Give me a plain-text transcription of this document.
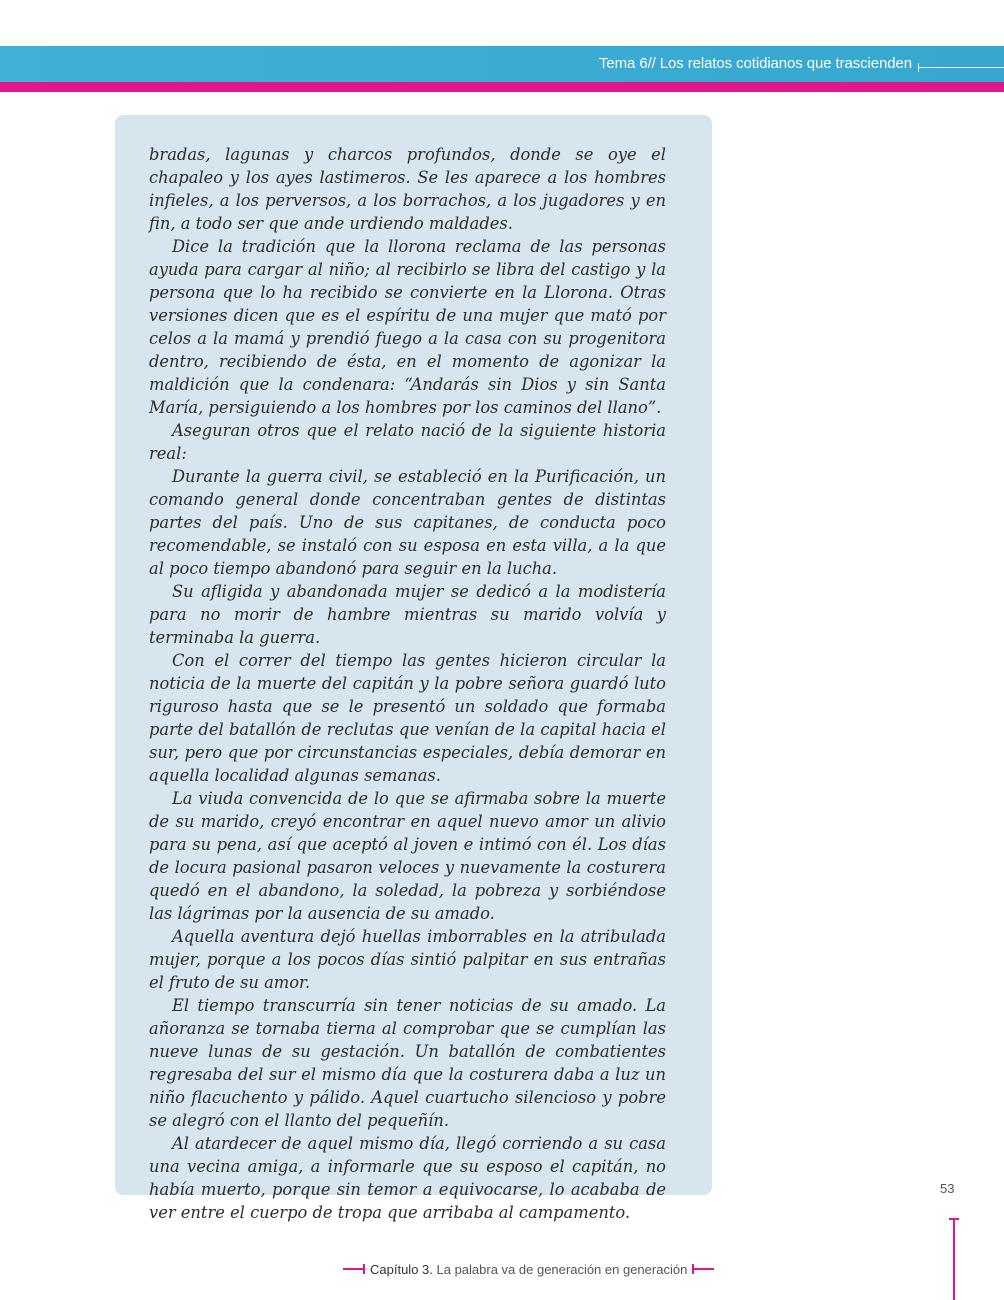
Tema 6// Los relatos cotidianos que trascienden

bradas, lagunas y charcos profundos, donde se oye el chapaleo y los ayes lastimeros. Se les aparece a los hombres infieles, a los perversos, a los borrachos, a los jugadores y en fin, a todo ser que ande urdiendo maldades.

Dice la tradición que la llorona reclama de las personas ayuda para cargar al niño; al recibirlo se libra del castigo y la persona que lo ha recibido se convierte en la Llorona. Otras versiones dicen que es el espíritu de una mujer que mató por celos a la mamá y prendió fuego a la casa con su progenitora dentro, recibiendo de ésta, en el momento de agonizar la maldición que la condenara: “Andarás sin Dios y sin Santa María, persiguiendo a los hombres por los caminos del llano”.

Aseguran otros que el relato nació de la siguiente historia real:

Durante la guerra civil, se estableció en la Purificación, un comando general donde concentraban gentes de distintas partes del país. Uno de sus capitanes, de conducta poco recomendable, se instaló con su esposa en esta villa, a la que al poco tiempo abandonó para seguir en la lucha.

Su afligida y abandonada mujer se dedicó a la modistería para no morir de hambre mientras su marido volvía y terminaba la guerra.

Con el correr del tiempo las gentes hicieron circular la noticia de la muerte del capitán y la pobre señora guardó luto riguroso hasta que se le presentó un soldado que formaba parte del batallón de reclutas que venían de la capital hacia el sur, pero que por circunstancias especiales, debía demorar en aquella localidad algunas semanas.

La viuda convencida de lo que se afirmaba sobre la muerte de su marido, creyó encontrar en aquel nuevo amor un alivio para su pena, así que aceptó al joven e intimó con él. Los días de locura pasional pasaron veloces y nuevamente la costurera quedó en el abandono, la soledad, la pobreza y sorbiéndose las lágrimas por la ausencia de su amado.

Aquella aventura dejó huellas imborrables en la atribulada mujer, porque a los pocos días sintió palpitar en sus entrañas el fruto de su amor.

El tiempo transcurría sin tener noticias de su amado. La añoranza se tornaba tierna al comprobar que se cumplían las nueve lunas de su gestación. Un batallón de combatientes regresaba del sur el mismo día que la costurera daba a luz un niño flacuchento y pálido. Aquel cuartucho silencioso y pobre se alegró con el llanto del pequeñín.

Al atardecer de aquel mismo día, llegó corriendo a su casa una vecina amiga, a informarle que su esposo el capitán, no había muerto, porque sin temor a equivocarse, lo acababa de ver entre el cuerpo de tropa que arribaba al campamento.

53
Capítulo 3. La palabra va de generación en generación
